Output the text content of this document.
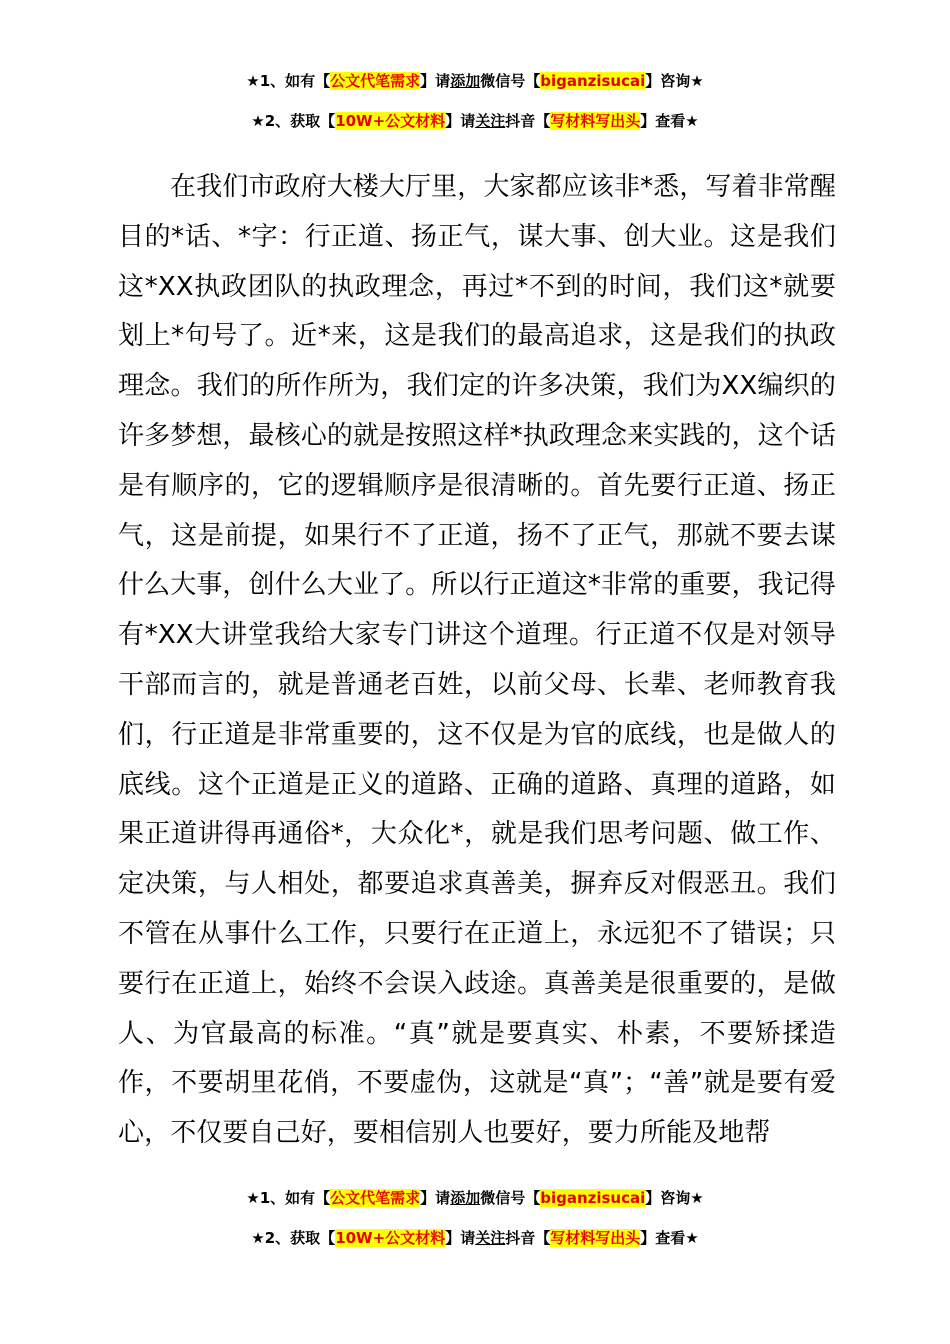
★1、如有【公文代笔需求】请添加微信号【biganzisucai】咨询★
★2、获取【10W+公文材料】请关注抖音【写材料写出头】查看★
在我们市政府大楼大厅里，大家都应该非*悉，写着非常醒目的*话、*字：行正道、扬正气，谋大事、创大业。这是我们这*XX执政团队的执政理念，再过*不到的时间，我们这*就要划上*句号了。近*来，这是我们的最高追求，这是我们的执政理念。我们的所作所为，我们定的许多决策，我们为XX编织的许多梦想，最核心的就是按照这样*执政理念来实践的，这个话是有顺序的，它的逻辑顺序是很清晰的。首先要行正道、扬正气，这是前提，如果行不了正道，扬不了正气，那就不要去谋什么大事，创什么大业了。所以行正道这*非常的重要，我记得有*XX大讲堂我给大家专门讲这个道理。行正道不仅是对领导干部而言的，就是普通老百姓，以前父母、长辈、老师教育我们，行正道是非常重要的，这不仅是为官的底线，也是做人的底线。这个正道是正义的道路、正确的道路、真理的道路，如果正道讲得再通俗*，大众化*，就是我们思考问题、做工作、定决策，与人相处，都要追求真善美，摒弃反对假恶丑。我们不管在从事什么工作，只要行在正道上，永远犯不了错误；只要行在正道上，始终不会误入歧途。真善美是很重要的，是做人、为官最高的标准。“真”就是要真实、朴素，不要矫揉造作，不要胡里花俏，不要虚伪，这就是“真”；“善”就是要有爱心，不仅要自己好，要相信别人也要好，要力所能及地帮
★1、如有【公文代笔需求】请添加微信号【biganzisucai】咨询★
★2、获取【10W+公文材料】请关注抖音【写材料写出头】查看★
